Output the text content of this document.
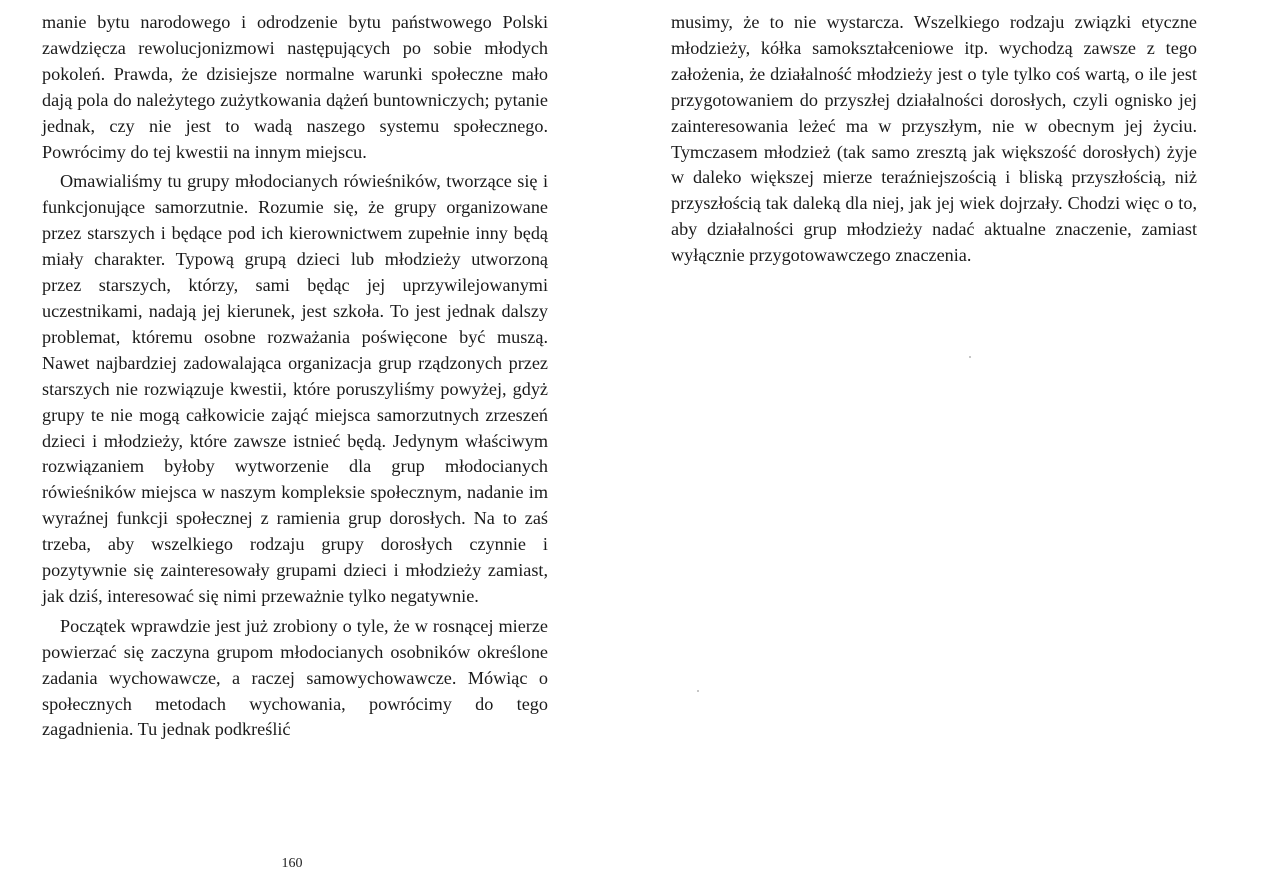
manie bytu narodowego i odrodzenie bytu państwowego Polski zawdzięcza rewolucjonizmowi następujących po sobie młodych pokoleń. Prawda, że dzisiejsze normalne warunki społeczne mało dają pola do należytego zużytkowania dążeń buntowniczych; pytanie jednak, czy nie jest to wadą naszego systemu społecznego. Powrócimy do tej kwestii na innym miejscu.

Omawialiśmy tu grupy młodocianych rówieśników, tworzące się i funkcjonujące samorzutnie. Rozumie się, że grupy organizowane przez starszych i będące pod ich kierownictwem zupełnie inny będą miały charakter. Typową grupą dzieci lub młodzieży utworzoną przez starszych, którzy, sami będąc jej uprzywilejowanymi uczestnikami, nadają jej kierunek, jest szkoła. To jest jednak dalszy problemat, któremu osobne rozważania poświęcone być muszą. Nawet najbardziej zadowalająca organizacja grup rządzonych przez starszych nie rozwiązuje kwestii, które poruszyliśmy powyżej, gdyż grupy te nie mogą całkowicie zająć miejsca samorzutnych zrzeszeń dzieci i młodzieży, które zawsze istnieć będą. Jedynym właściwym rozwiązaniem byłoby wytworzenie dla grup młodocianych rówieśników miejsca w naszym kompleksie społecznym, nadanie im wyraźnej funkcji społecznej z ramienia grup dorosłych. Na to zaś trzeba, aby wszelkiego rodzaju grupy dorosłych czynnie i pozytywnie się zainteresowały grupami dzieci i młodzieży zamiast, jak dziś, interesować się nimi przeważnie tylko negatywnie.

Początek wprawdzie jest już zrobiony o tyle, że w rosnącej mierze powierzać się zaczyna grupom młodocianych osobników określone zadania wychowawcze, a raczej samowychowawcze. Mówiąc o społecznych metodach wychowania, powrócimy do tego zagadnienia. Tu jednak podkreślić

160

musimy, że to nie wystarcza. Wszelkiego rodzaju związki etyczne młodzieży, kółka samokształceniowe itp. wychodzą zawsze z tego założenia, że działalność młodzieży jest o tyle tylko coś wartą, o ile jest przygotowaniem do przyszłej działalności dorosłych, czyli ognisko jej zainteresowania leżeć ma w przyszłym, nie w obecnym jej życiu. Tymczasem młodzież (tak samo zresztą jak większość dorosłych) żyje w daleko większej mierze teraźniejszością i bliską przyszłością, niż przyszłością tak daleką dla niej, jak jej wiek dojrzały. Chodzi więc o to, aby działalności grup młodzieży nadać aktualne znaczenie, zamiast wyłącznie przygotowawczego znaczenia.
